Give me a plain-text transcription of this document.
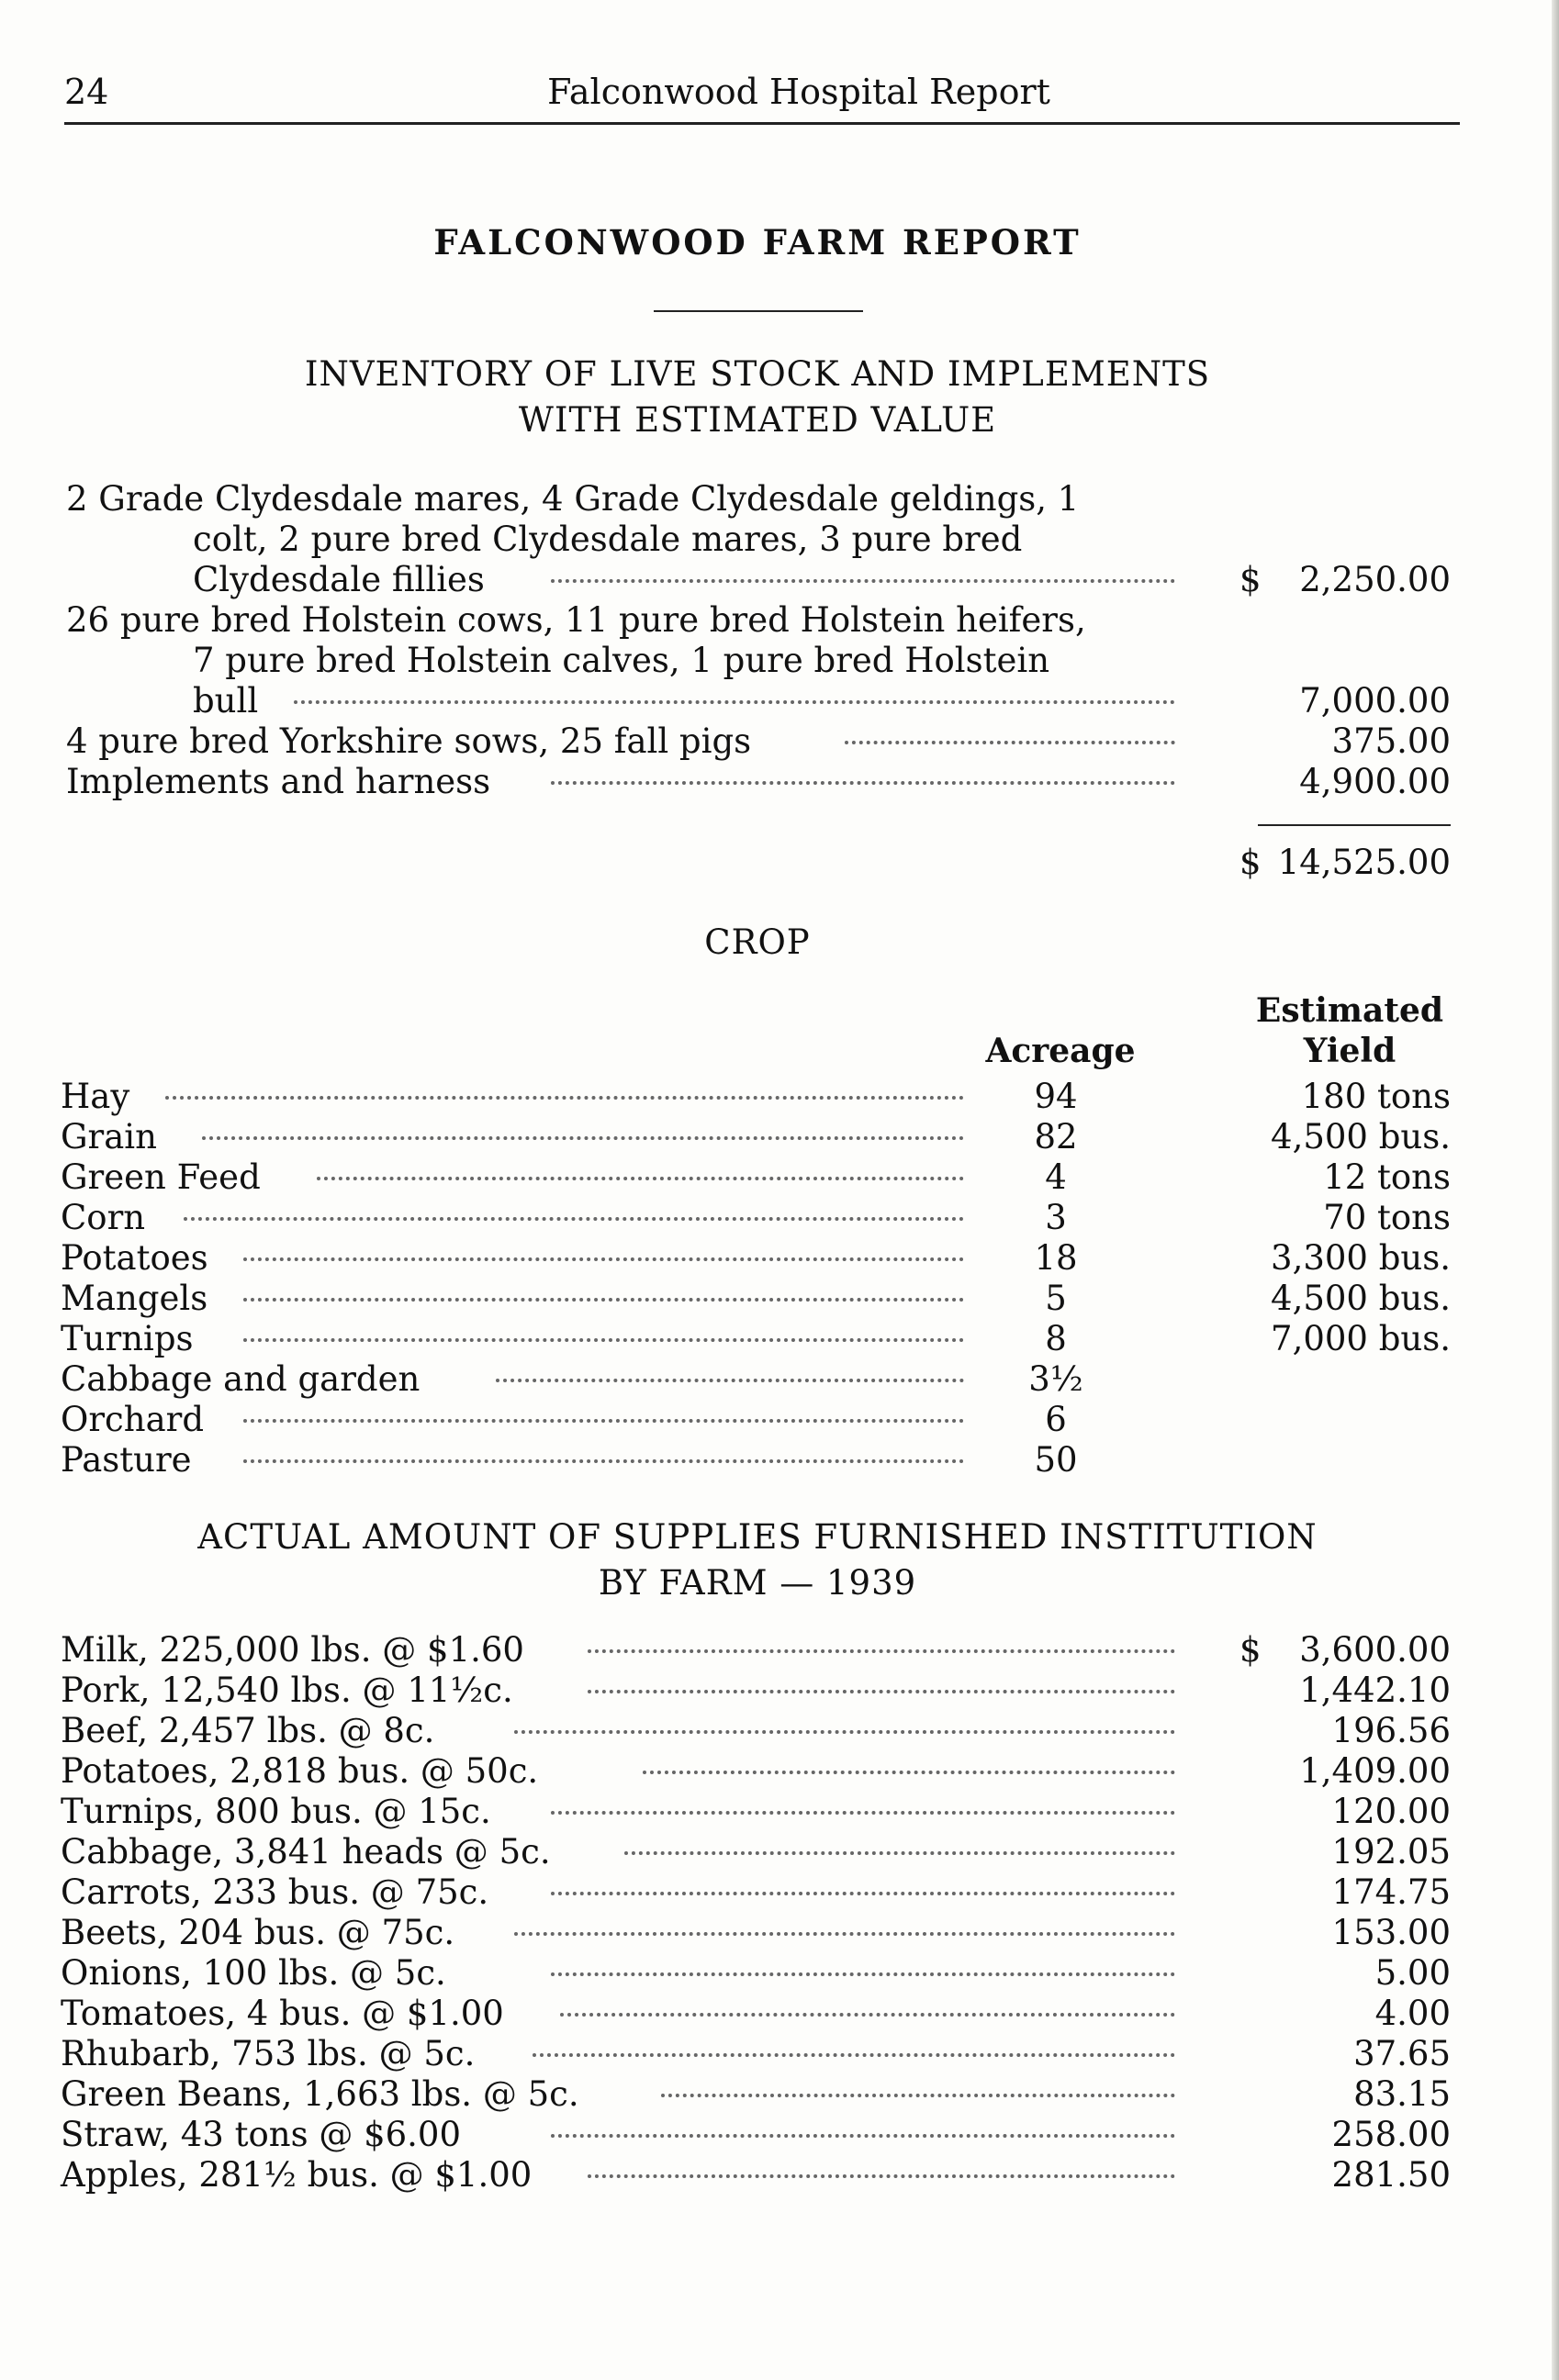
24	Falconwood Hospital Report
FALCONWOOD FARM REPORT
INVENTORY OF LIVE STOCK AND IMPLEMENTS
WITH ESTIMATED VALUE
2 Grade Clydesdale mares, 4 Grade Clydesdale geldings, 1
colt, 2 pure bred Clydesdale mares, 3 pure bred
Clydesdale fillies	$	2,250.00
26 pure bred Holstein cows, 11 pure bred Holstein heifers,
7 pure bred Holstein calves, 1 pure bred Holstein
bull	7,000.00
4 pure bred Yorkshire sows, 25 fall pigs	375.00
Implements and harness	4,900.00
$ 14,525.00
CROP
Acreage
Estimated
Yield
Hay	94	180 tons
Grain	82	4,500 bus.
Green Feed	4	12 tons
Corn	3	70 tons
Potatoes	18	3,300 bus.
Mangels	5	4,500 bus.
Turnips	8	7,000 bus.
Cabbage and garden	3½
Orchard	6
Pasture	50
ACTUAL AMOUNT OF SUPPLIES FURNISHED INSTITUTION
BY FARM — 1939
Milk, 225,000 lbs. @ $1.60	$	3,600.00
Pork, 12,540 lbs. @ 11½c.	1,442.10
Beef, 2,457 lbs. @ 8c.	196.56
Potatoes, 2,818 bus. @ 50c.	1,409.00
Turnips, 800 bus. @ 15c.	120.00
Cabbage, 3,841 heads @ 5c.	192.05
Carrots, 233 bus. @ 75c.	174.75
Beets, 204 bus. @ 75c.	153.00
Onions, 100 lbs. @ 5c.	5.00
Tomatoes, 4 bus. @ $1.00	4.00
Rhubarb, 753 lbs. @ 5c.	37.65
Green Beans, 1,663 lbs. @ 5c.	83.15
Straw, 43 tons @ $6.00	258.00
Apples, 281½ bus. @ $1.00	281.50
